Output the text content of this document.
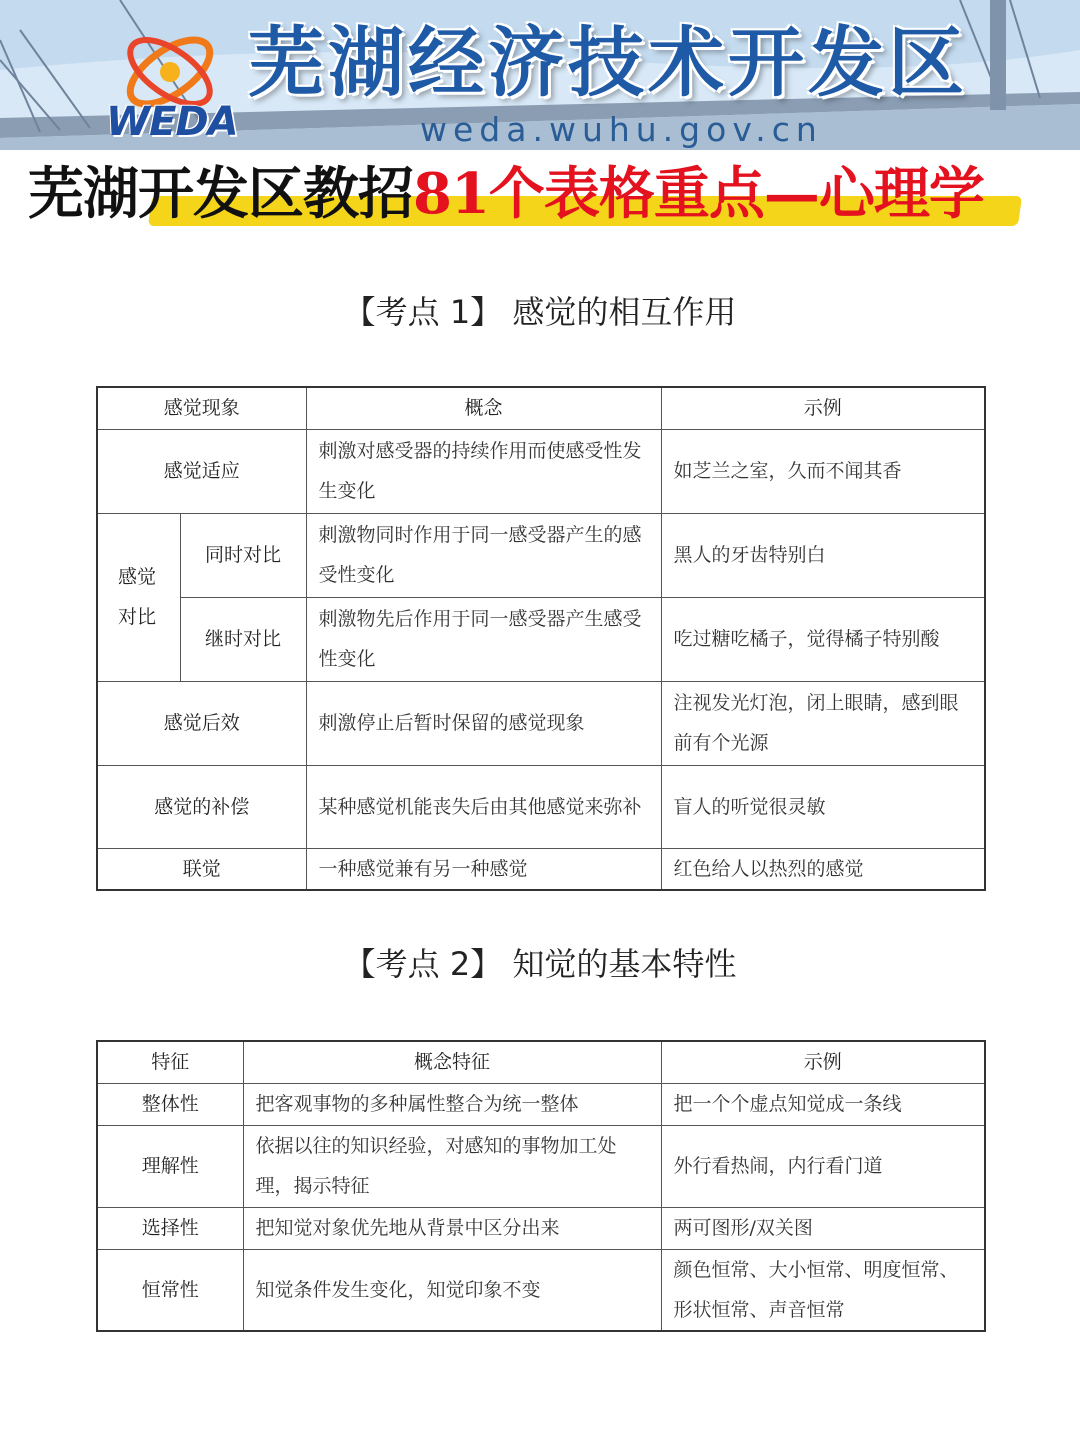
WEDA
芜湖经济技术开发区
weda.wuhu.gov.cn
芜湖开发区教招81个表格重点—心理学
【考点 1】 感觉的相互作用
感觉现象		概念	示例
感觉适应		刺激对感受器的持续作用而使感受性发生变化	如芝兰之室，久而不闻其香
感觉对比	同时对比	刺激物同时作用于同一感受器产生的感受性变化	黑人的牙齿特别白
	继时对比	刺激物先后作用于同一感受器产生感受性变化	吃过糖吃橘子，觉得橘子特别酸
感觉后效		刺激停止后暂时保留的感觉现象	注视发光灯泡，闭上眼睛，感到眼前有个光源
感觉的补偿		某种感觉机能丧失后由其他感觉来弥补	盲人的听觉很灵敏
联觉		一种感觉兼有另一种感觉	红色给人以热烈的感觉
【考点 2】 知觉的基本特性
特征	概念特征	示例
整体性	把客观事物的多种属性整合为统一整体	把一个个虚点知觉成一条线
理解性	依据以往的知识经验，对感知的事物加工处理，揭示特征	外行看热闹，内行看门道
选择性	把知觉对象优先地从背景中区分出来	两可图形/双关图
恒常性	知觉条件发生变化，知觉印象不变	颜色恒常、大小恒常、明度恒常、形状恒常、声音恒常
